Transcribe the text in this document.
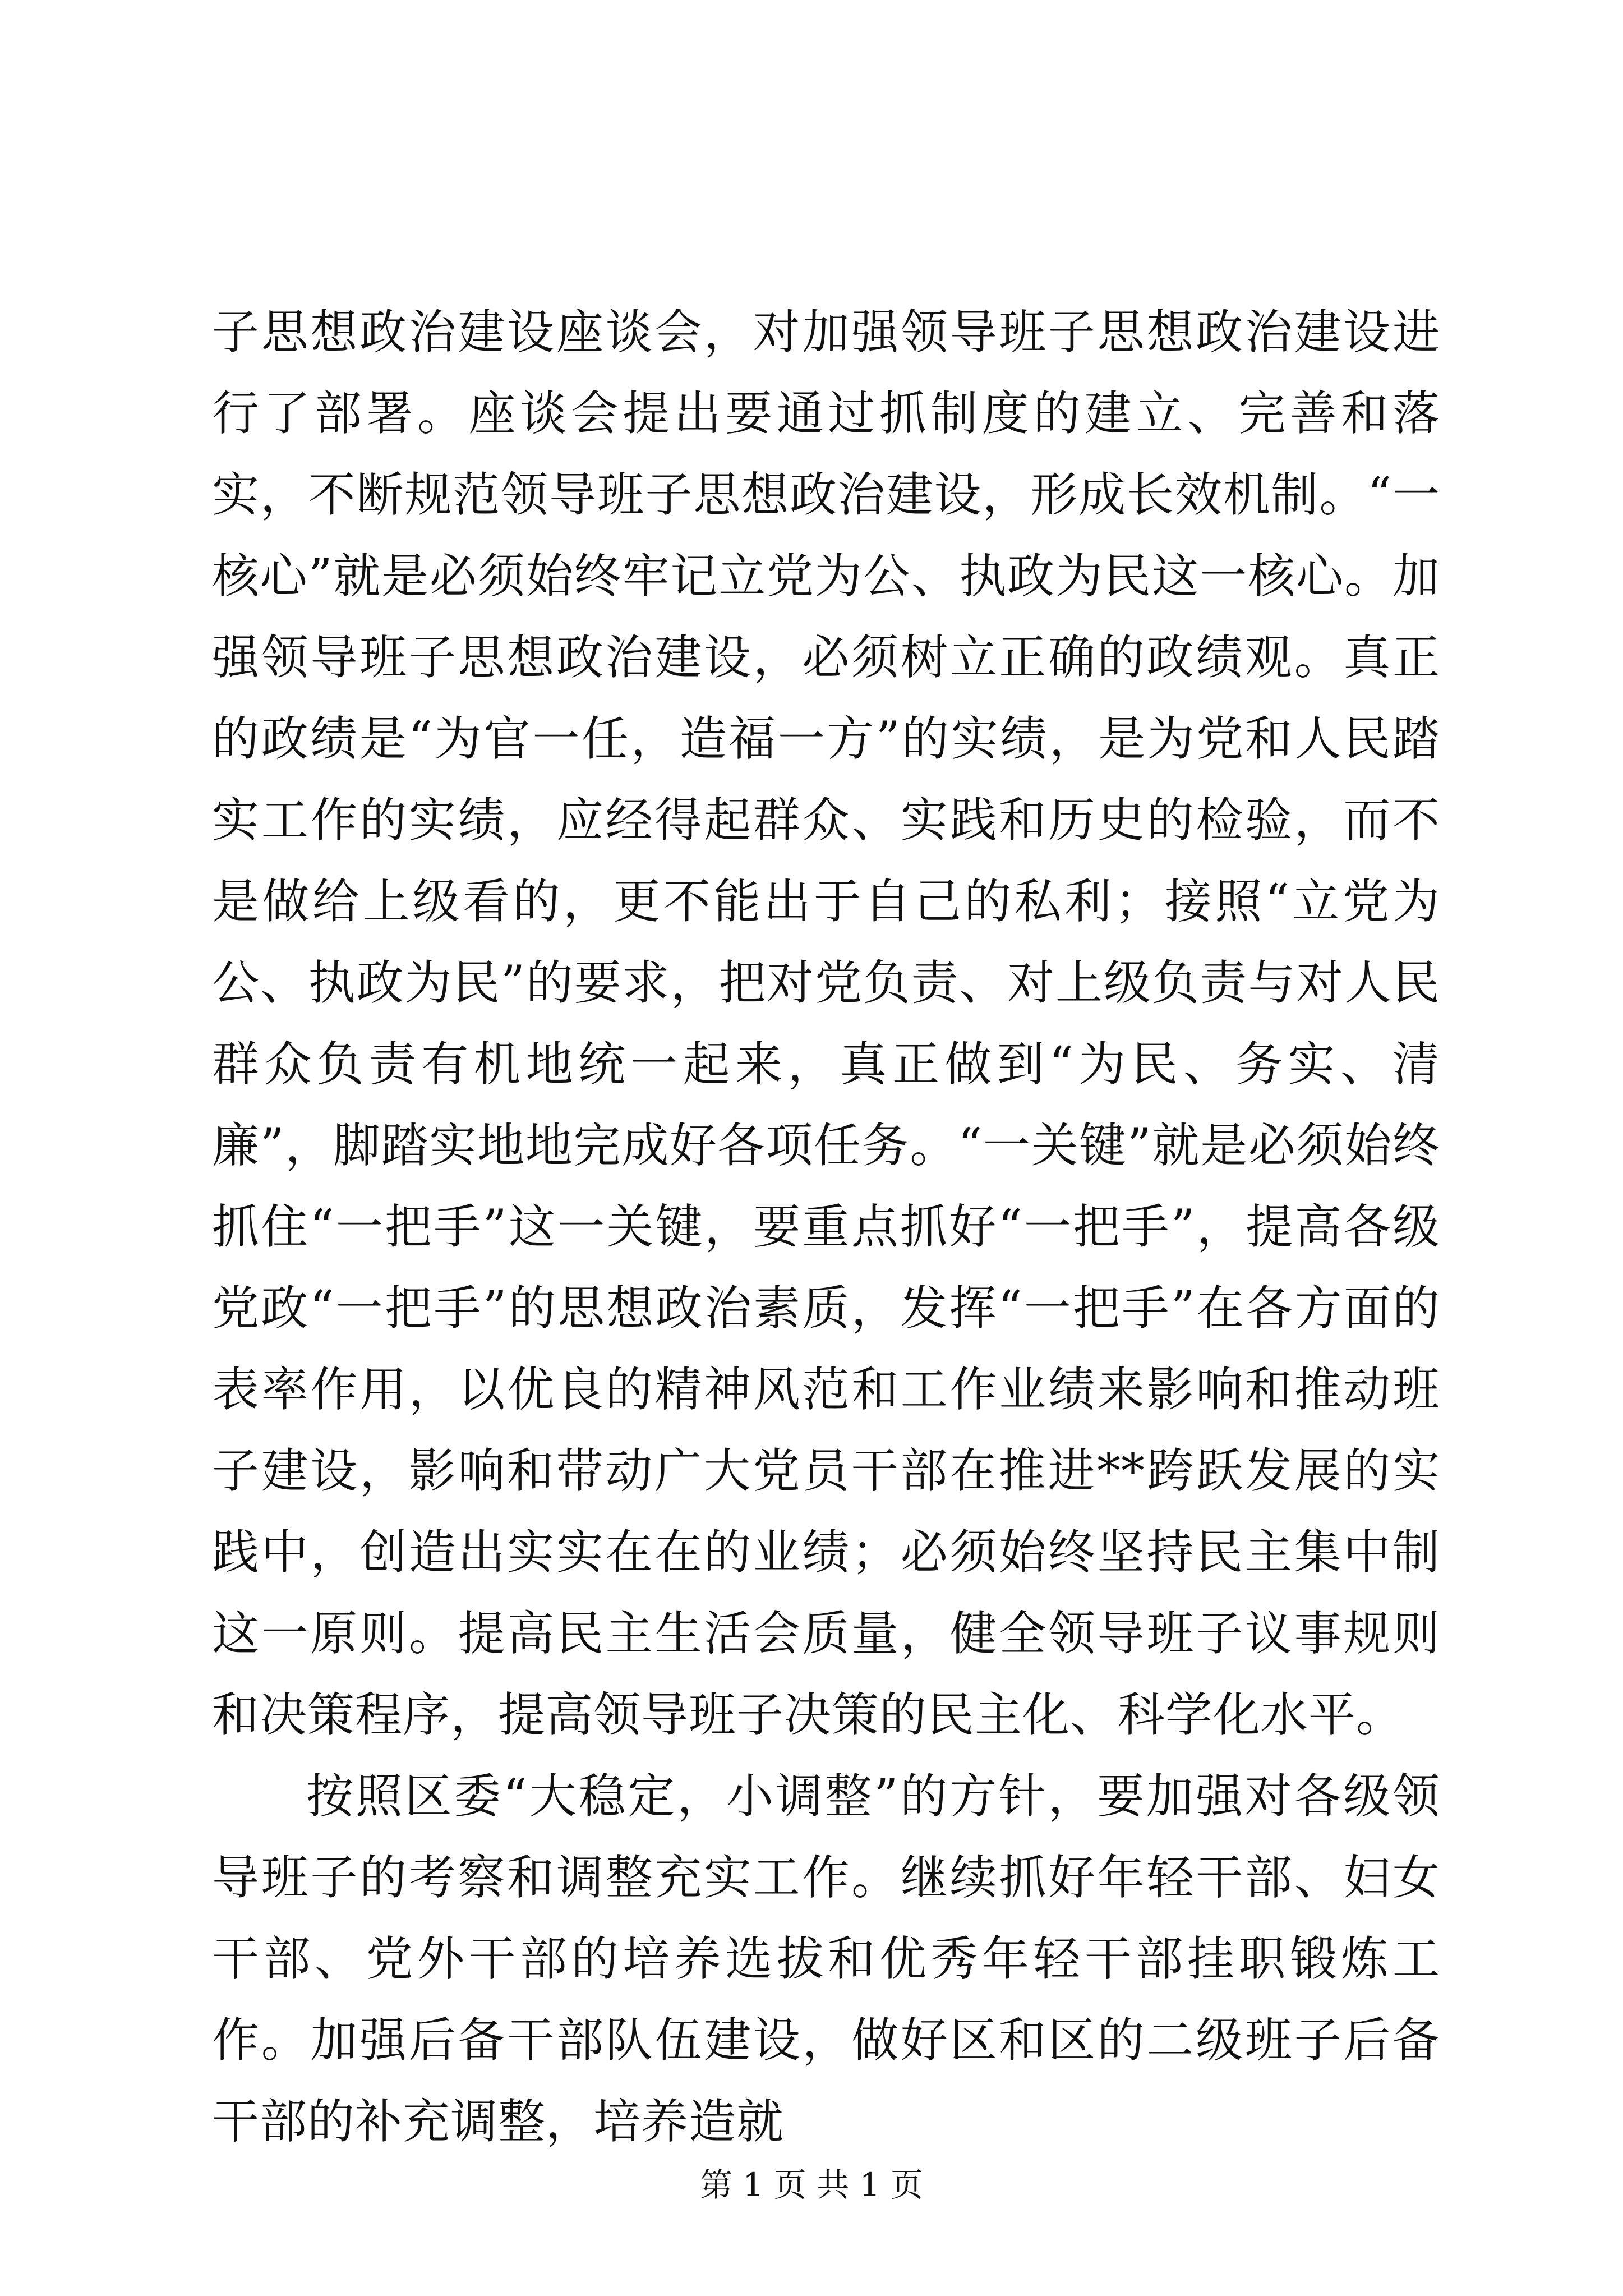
子思想政治建设座谈会，对加强领导班子思想政治建设进行了部署。座谈会提出要通过抓制度的建立、完善和落实，不断规范领导班子思想政治建设，形成长效机制。“一核心”就是必须始终牢记立党为公、执政为民这一核心。加强领导班子思想政治建设，必须树立正确的政绩观。真正的政绩是“为官一任，造福一方”的实绩，是为党和人民踏实工作的实绩，应经得起群众、实践和历史的检验，而不是做给上级看的，更不能出于自己的私利；接照“立党为公、执政为民”的要求，把对党负责、对上级负责与对人民群众负责有机地统一起来，真正做到“为民、务实、清廉”，脚踏实地地完成好各项任务。“一关键”就是必须始终抓住“一把手”这一关键，要重点抓好“一把手”，提高各级党政“一把手”的思想政治素质，发挥“一把手”在各方面的表率作用，以优良的精神风范和工作业绩来影响和推动班子建设，影响和带动广大党员干部在推进**跨跃发展的实践中，创造出实实在在的业绩；必须始终坚持民主集中制这一原则。提高民主生活会质量，健全领导班子议事规则和决策程序，提高领导班子决策的民主化、科学化水平。

按照区委“大稳定，小调整”的方针，要加强对各级领导班子的考察和调整充实工作。继续抓好年轻干部、妇女干部、党外干部的培养选拔和优秀年轻干部挂职锻炼工作。加强后备干部队伍建设，做好区和区的二级班子后备干部的补充调整，培养造就

第 1 页 共 1 页
